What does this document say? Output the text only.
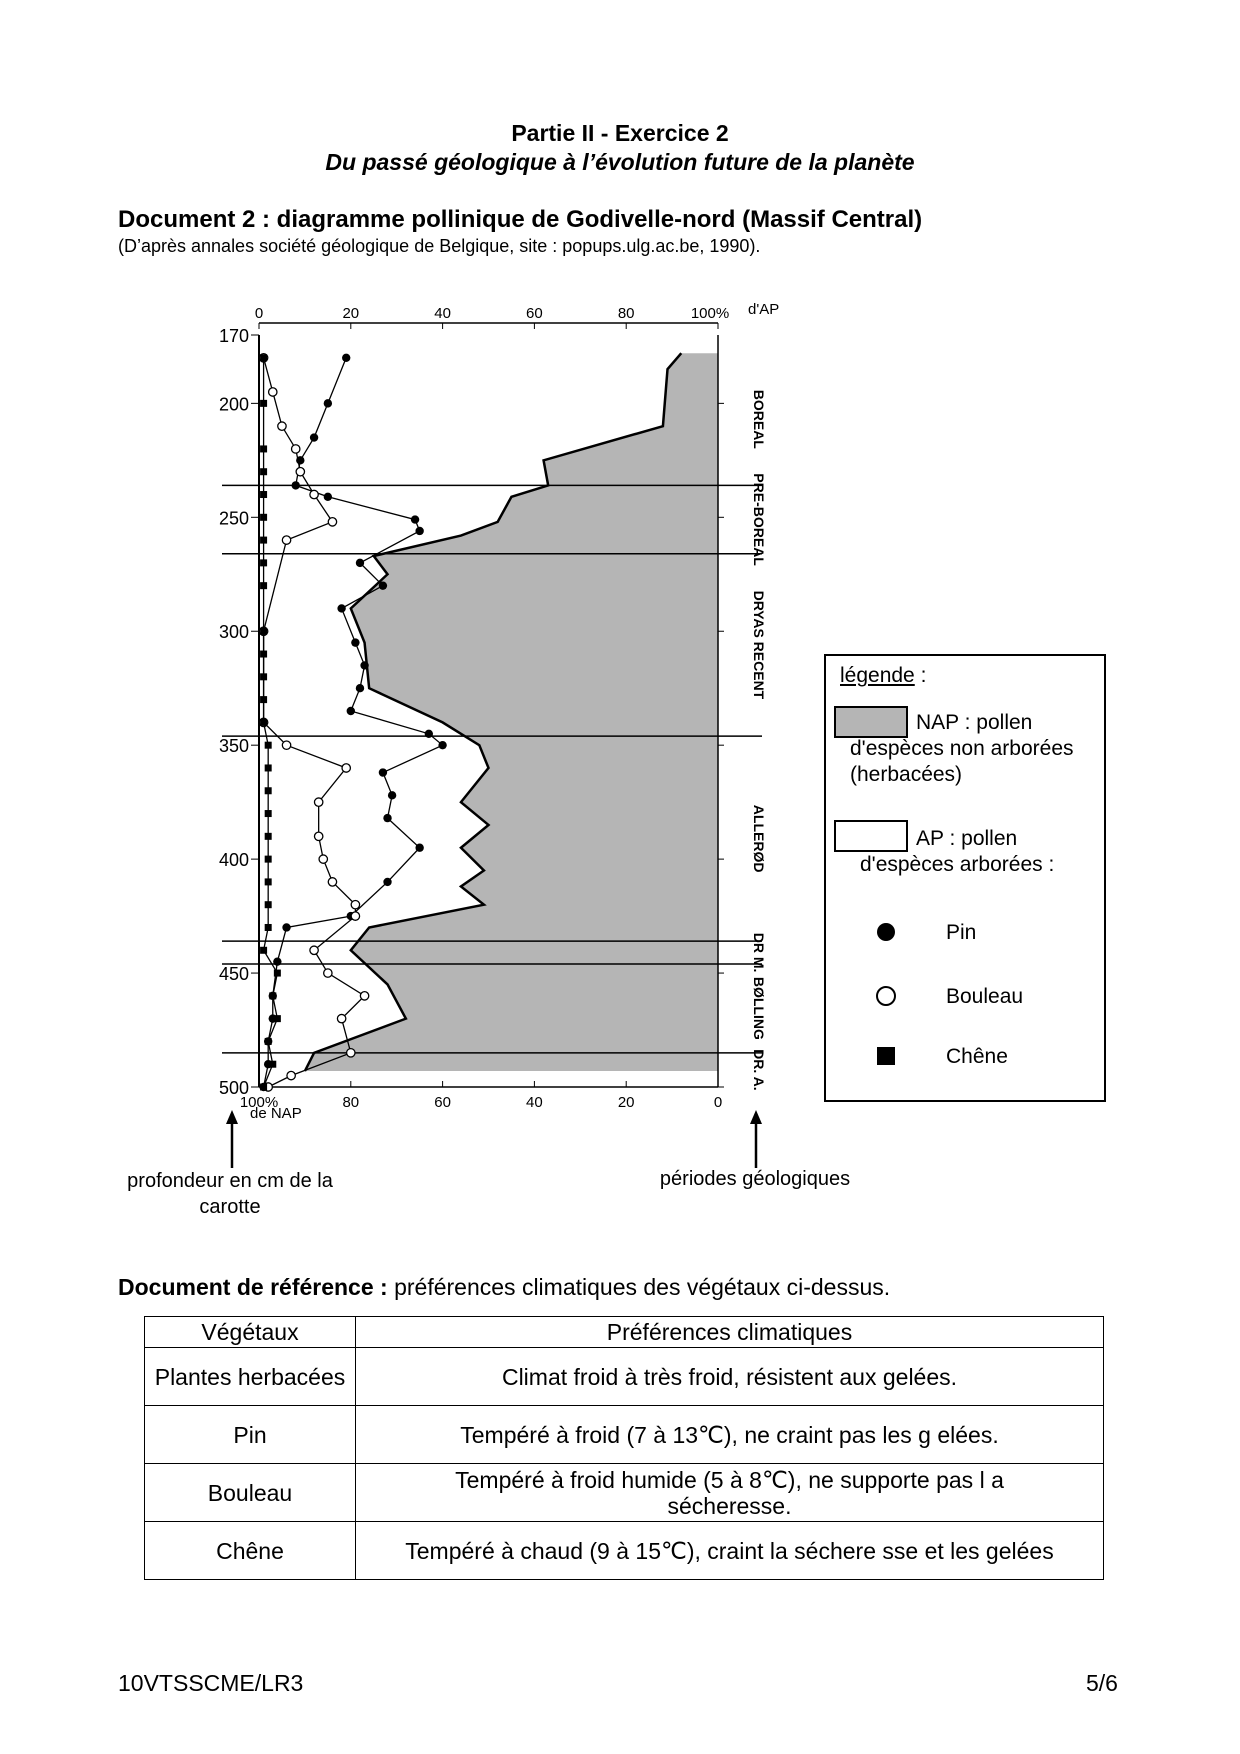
Partie II - Exercice 2
Du passé géologique à l’évolution future de la planète
Document 2 : diagramme pollinique de Godivelle-nord (Massif Central)
(D’après annales société géologique de Belgique, site : popups.ulg.ac.be, 1990).
0	20	40	60	80	100% d'AP
100%	80	60	40	20	0
de NAP
170
200
250
300
350
400
450
500
BOREAL
PRE-BOREAL
DRYAS RECENT
ALLERØD
DR M.
BØLLING
DR. A.
profondeur en cm de la carotte
périodes géologiques
légende :
NAP : pollen
d'espèces non arborées
(herbacées)
AP : pollen
d'espèces arborées :
Pin
Bouleau
Chêne
Document de référence : préférences climatiques des végétaux ci-dessus.
Végétaux	Préférences climatiques
Plantes herbacées	Climat froid à très froid, résistent aux gelées.
Pin	Tempéré à froid (7 à 13℃), ne craint pas les g elées.
Bouleau	Tempéré à froid humide (5 à 8℃), ne supporte pas l a sécheresse.
Chêne	Tempéré à chaud (9 à 15℃), craint la séchere sse et les gelées
10VTSSCME/LR3	5/6
